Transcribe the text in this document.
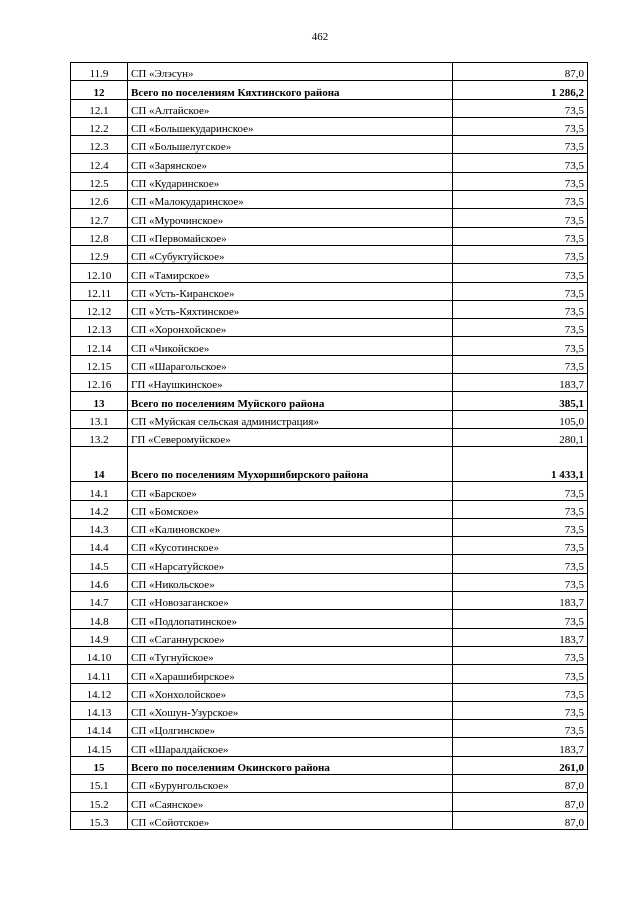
462
11.9	СП «Элэсун»	87,0
12	Всего по поселениям Кяхтинского района	1 286,2
12.1	СП «Алтайское»	73,5
12.2	СП «Большекударинское»	73,5
12.3	СП «Большелугское»	73,5
12.4	СП «Зарянское»	73,5
12.5	СП «Кударинское»	73,5
12.6	СП «Малокударинское»	73,5
12.7	СП «Мурочинское»	73,5
12.8	СП «Первомайское»	73,5
12.9	СП «Субуктуйское»	73,5
12.10	СП «Тамирское»	73,5
12.11	СП «Усть-Киранское»	73,5
12.12	СП «Усть-Кяхтинское»	73,5
12.13	СП «Хоронхойское»	73,5
12.14	СП «Чикойское»	73,5
12.15	СП «Шарагольское»	73,5
12.16	ГП «Наушкинское»	183,7
13	Всего по поселениям Муйского района	385,1
13.1	СП «Муйская сельская администрация»	105,0
13.2	ГП «Северомуйское»	280,1
14	Всего по поселениям Мухоршибирского района	1 433,1
14.1	СП «Барское»	73,5
14.2	СП «Бомское»	73,5
14.3	СП «Калиновское»	73,5
14.4	СП «Кусотинское»	73,5
14.5	СП «Нарсатуйское»	73,5
14.6	СП «Никольское»	73,5
14.7	СП «Новозаганское»	183,7
14.8	СП «Подлопатинское»	73,5
14.9	СП «Саганнурское»	183,7
14.10	СП «Тугнуйское»	73,5
14.11	СП «Харашибирское»	73,5
14.12	СП «Хонхолойское»	73,5
14.13	СП «Хошун-Узурское»	73,5
14.14	СП «Цолгинское»	73,5
14.15	СП «Шаралдайское»	183,7
15	Всего по поселениям Окинского района	261,0
15.1	СП «Бурунгольское»	87,0
15.2	СП «Саянское»	87,0
15.3	СП «Сойотское»	87,0
